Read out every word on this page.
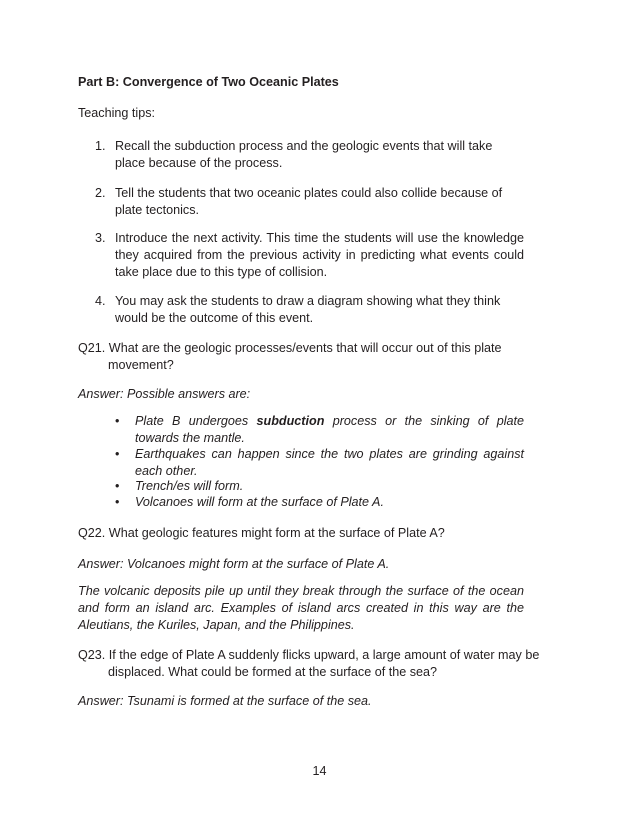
Part B: Convergence of Two Oceanic Plates
Teaching tips:
1. Recall the subduction process and the geologic events that will take place because of the process.
2. Tell the students that two oceanic plates could also collide because of plate tectonics.
3. Introduce the next activity. This time the students will use the knowledge they acquired from the previous activity in predicting what events could take place due to this type of collision.
4. You may ask the students to draw a diagram showing what they think would be the outcome of this event.
Q21. What are the geologic processes/events that will occur out of this plate movement?
Answer: Possible answers are:
•	Plate B undergoes subduction process or the sinking of plate towards the mantle.
•	Earthquakes can happen since the two plates are grinding against each other.
•	Trench/es will form.
•	Volcanoes will form at the surface of Plate A.
Q22. What geologic features might form at the surface of Plate A?
Answer: Volcanoes might form at the surface of Plate A.
The volcanic deposits pile up until they break through the surface of the ocean and form an island arc. Examples of island arcs created in this way are the Aleutians, the Kuriles, Japan, and the Philippines.
Q23. If the edge of Plate A suddenly flicks upward, a large amount of water may be displaced. What could be formed at the surface of the sea?
Answer: Tsunami is formed at the surface of the sea.
14
